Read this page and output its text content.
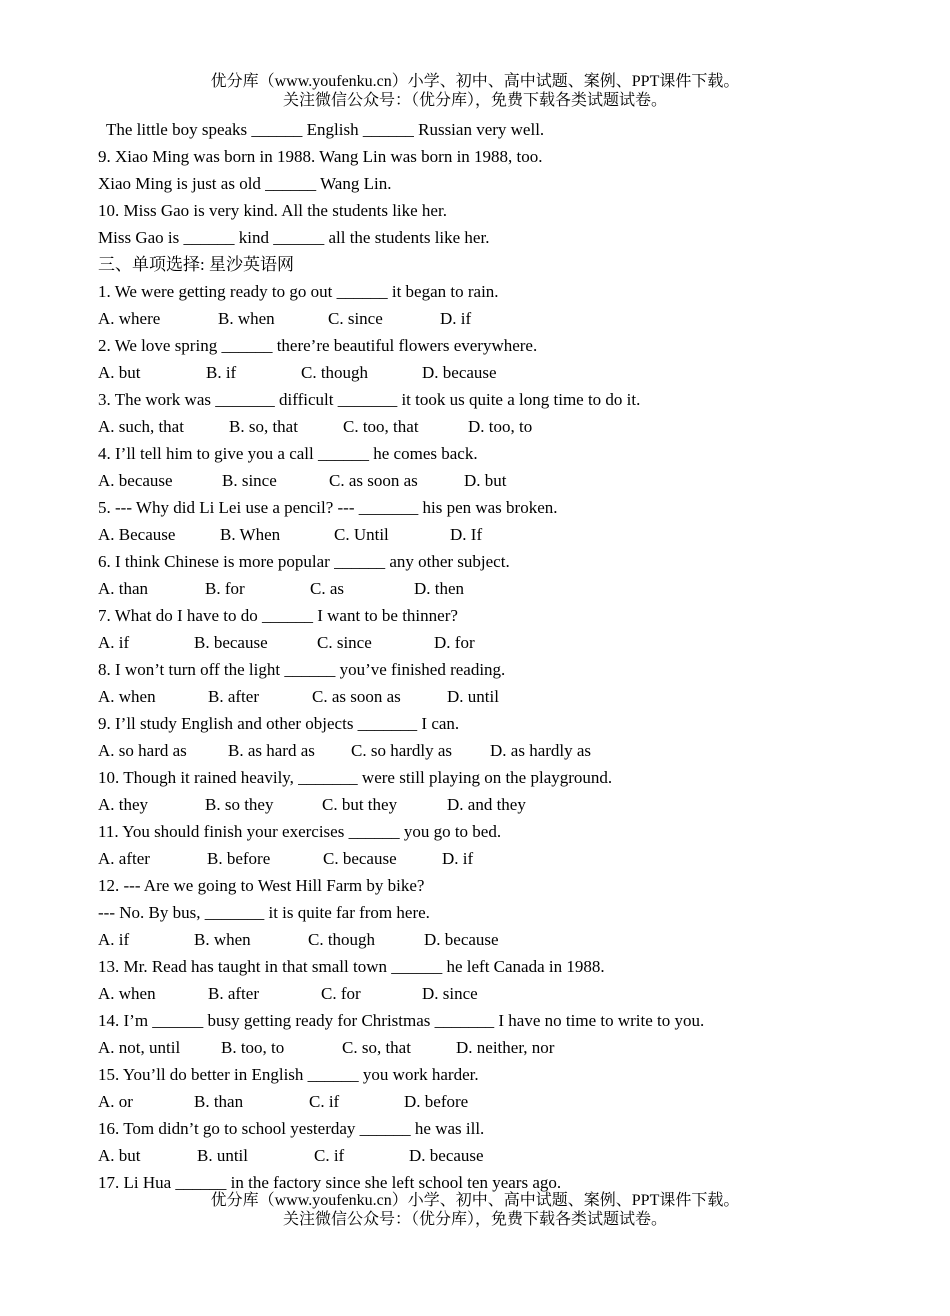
优分库（www.youfenku.cn）小学、初中、高中试题、案例、PPT课件下载。
关注微信公众号：（优分库），免费下载各类试题试卷。
The little boy speaks ______ English ______ Russian very well.
9. Xiao Ming was born in 1988. Wang Lin was born in 1988, too.
Xiao Ming is just as old ______ Wang Lin.
10. Miss Gao is very kind. All the students like her.
Miss Gao is ______ kind ______ all the students like her.
三、单项选择: 星沙英语网
1. We were getting ready to go out ______ it began to rain.

A. where

	B. when

	C. since

	D. if

2. We love spring ______ there’re beautiful flowers everywhere.

A. but

	B. if

	C. though

	D. because

3. The work was _______ difficult _______ it took us quite a long time to do it.

A. such, that

	B. so, that

	C. too, that

	D. too, to

4. I’ll tell him to give you a call ______ he comes back.

A. because

	B. since

	C. as soon as

	D. but

5. --- Why did Li Lei use a pencil? --- _______ his pen was broken.

A. Because

	B. When

	C. Until

	D. If

6. I think Chinese is more popular ______ any other subject.

A. than

	B. for

	C. as

	D. then

7. What do I have to do ______ I want to be thinner?

A. if

	B. because

	C. since

	D. for

8. I won’t turn off the light ______ you’ve finished reading.

A. when

	B. after

	C. as soon as

	D. until

9. I’ll study English and other objects _______ I can.

A. so hard as

B. as hard as

C. so hardly as

D. as hardly as

10. Though it rained heavily, _______ were still playing on the playground.

A. they

	B. so they

	C. but they

	D. and they

11. You should finish your exercises ______ you go to bed.

A. after

	B. before

	C. because

	D. if

12. --- Are we going to West Hill Farm by bike?
--- No. By bus, _______ it is quite far from here.

A. if

	B. when

	C. though

	D. because

13. Mr. Read has taught in that small town ______ he left Canada in 1988.

A. when

	B. after

	C. for

	D. since

14. I’m ______ busy getting ready for Christmas _______ I have no time to write to you.

A. not, until

B. too, to

	C. so, that

	D. neither, nor

15. You’ll do better in English ______ you work harder.

A. or

	B. than

	C. if

	D. before

16. Tom didn’t go to school yesterday ______ he was ill.

A. but

	B. until

	C. if

	D. because

17. Li Hua ______ in the factory since she left school ten years ago.
优分库（www.youfenku.cn）小学、初中、高中试题、案例、PPT课件下载。
关注微信公众号：（优分库），免费下载各类试题试卷。
